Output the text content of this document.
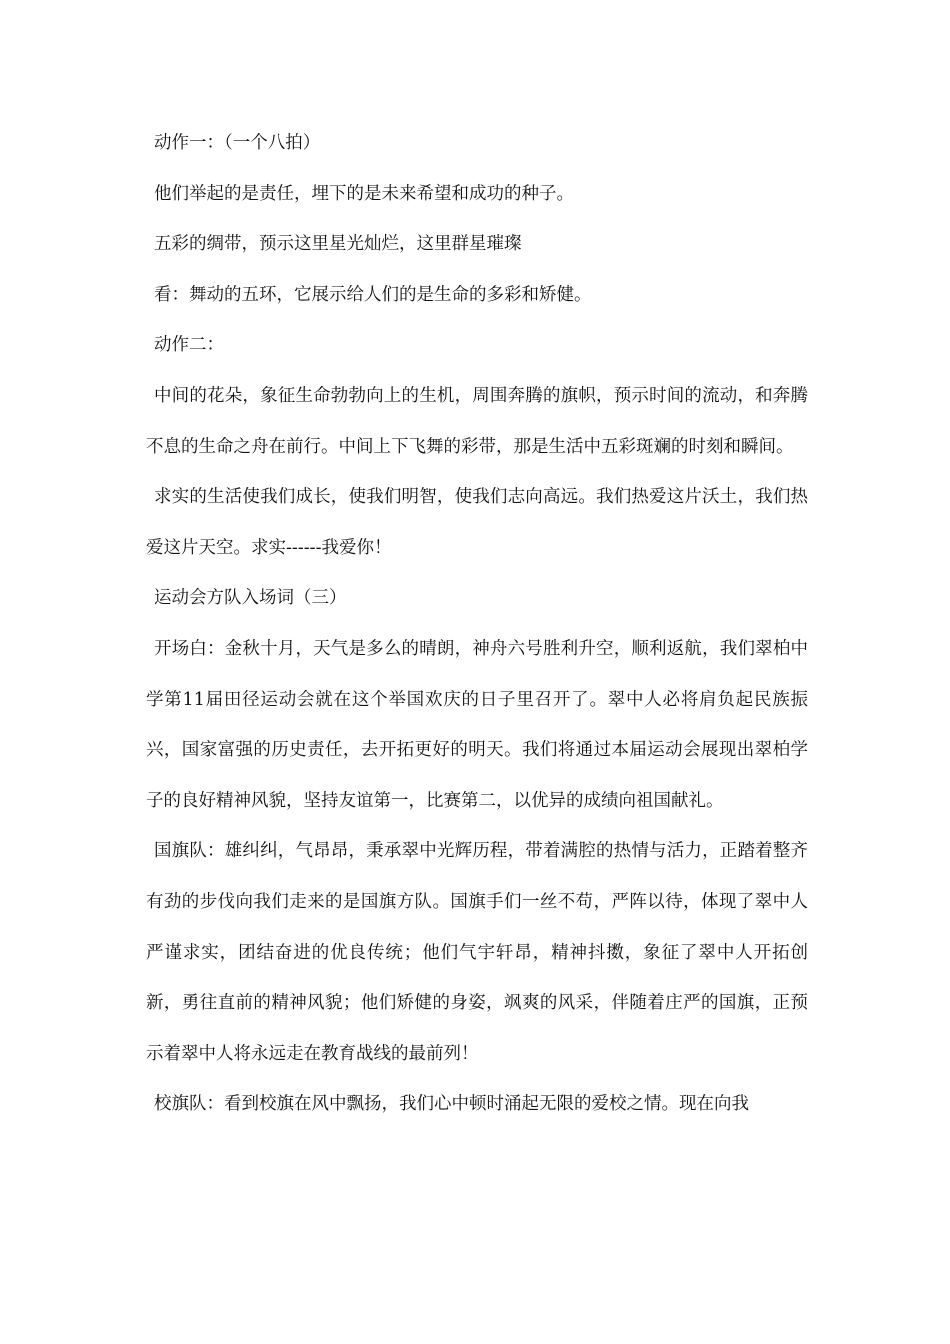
动作一：（一个八拍）

他们举起的是责任，埋下的是未来希望和成功的种子。

五彩的绸带，预示这里星光灿烂，这里群星璀璨

看：舞动的五环，它展示给人们的是生命的多彩和矫健。

动作二：

中间的花朵，象征生命勃勃向上的生机，周围奔腾的旗帜，预示时间的流动，和奔腾不息的生命之舟在前行。中间上下飞舞的彩带，那是生活中五彩斑斓的时刻和瞬间。

求实的生活使我们成长，使我们明智，使我们志向高远。我们热爱这片沃土，我们热爱这片天空。求实------我爱你！

运动会方队入场词（三）

开场白：金秋十月，天气是多么的晴朗，神舟六号胜利升空，顺利返航，我们翠柏中学第11届田径运动会就在这个举国欢庆的日子里召开了。翠中人必将肩负起民族振兴，国家富强的历史责任，去开拓更好的明天。我们将通过本届运动会展现出翠柏学子的良好精神风貌，坚持友谊第一，比赛第二，以优异的成绩向祖国献礼。

国旗队：雄纠纠，气昂昂，秉承翠中光辉历程，带着满腔的热情与活力，正踏着整齐有劲的步伐向我们走来的是国旗方队。国旗手们一丝不苟，严阵以待，体现了翠中人严谨求实，团结奋进的优良传统；他们气宇轩昂，精神抖擞，象征了翠中人开拓创新，勇往直前的精神风貌；他们矫健的身姿，飒爽的风采，伴随着庄严的国旗，正预示着翠中人将永远走在教育战线的最前列！

校旗队：看到校旗在风中飘扬，我们心中顿时涌起无限的爱校之情。现在向我
